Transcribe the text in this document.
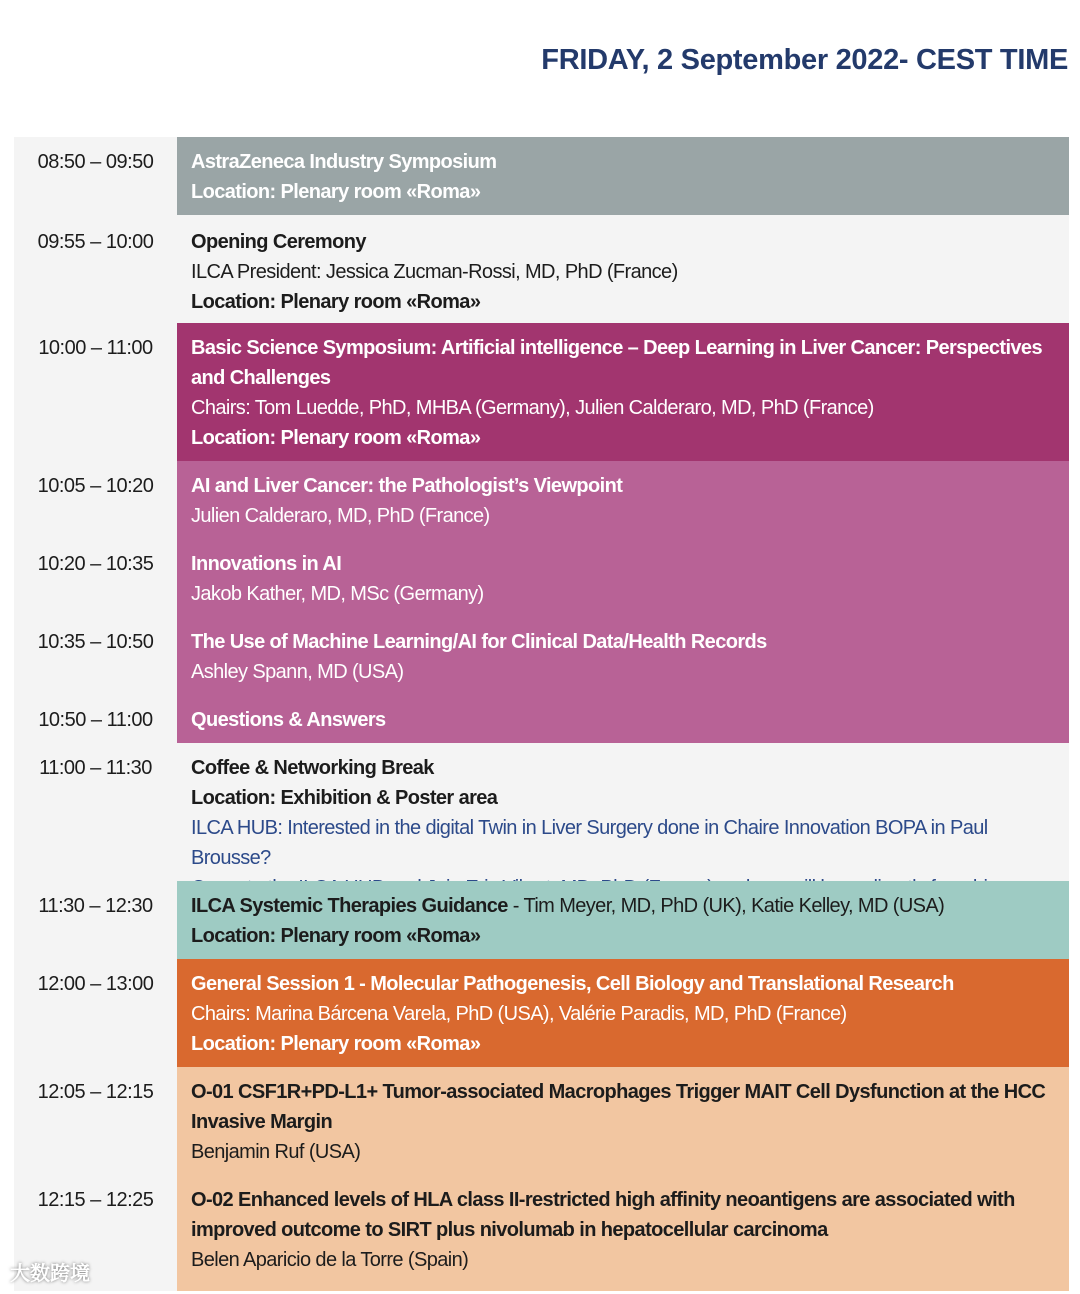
FRIDAY, 2 September 2022- CEST TIME
08:50 – 09:50	AstraZeneca Industry Symposium
Location: Plenary room «Roma»
09:55 – 10:00	Opening Ceremony
ILCA President: Jessica Zucman-Rossi, MD, PhD (France)
Location: Plenary room «Roma»
10:00 – 11:00	Basic Science Symposium: Artificial intelligence – Deep Learning in Liver Cancer: Perspectives and Challenges
Chairs: Tom Luedde, PhD, MHBA (Germany), Julien Calderaro, MD, PhD (France)
Location: Plenary room «Roma»
10:05 – 10:20	AI and Liver Cancer: the Pathologist’s Viewpoint
Julien Calderaro, MD, PhD (France)
10:20 – 10:35	Innovations in AI
Jakob Kather, MD, MSc (Germany)
10:35 – 10:50	The Use of Machine Learning/AI for Clinical Data/Health Records
Ashley Spann, MD (USA)
10:50 – 11:00	Questions & Answers
11:00 – 11:30	Coffee & Networking Break
Location: Exhibition & Poster area
ILCA HUB: Interested in the digital Twin in Liver Surgery done in Chaire Innovation BOPA in Paul Brousse?
11:30 – 12:30	ILCA Systemic Therapies Guidance - Tim Meyer, MD, PhD (UK), Katie Kelley, MD (USA)
Location: Plenary room «Roma»
12:00 – 13:00	General Session 1 - Molecular Pathogenesis, Cell Biology and Translational Research
Chairs: Marina Bárcena Varela, PhD (USA), Valérie Paradis, MD, PhD (France)
Location: Plenary room «Roma»
12:05 – 12:15	O-01 CSF1R+PD-L1+ Tumor-associated Macrophages Trigger MAIT Cell Dysfunction at the HCC Invasive Margin
Benjamin Ruf (USA)
12:15 – 12:25	O-02 Enhanced levels of HLA class II-restricted high affinity neoantigens are associated with improved outcome to SIRT plus nivolumab in hepatocellular carcinoma
Belen Aparicio de la Torre (Spain)
大数跨境
